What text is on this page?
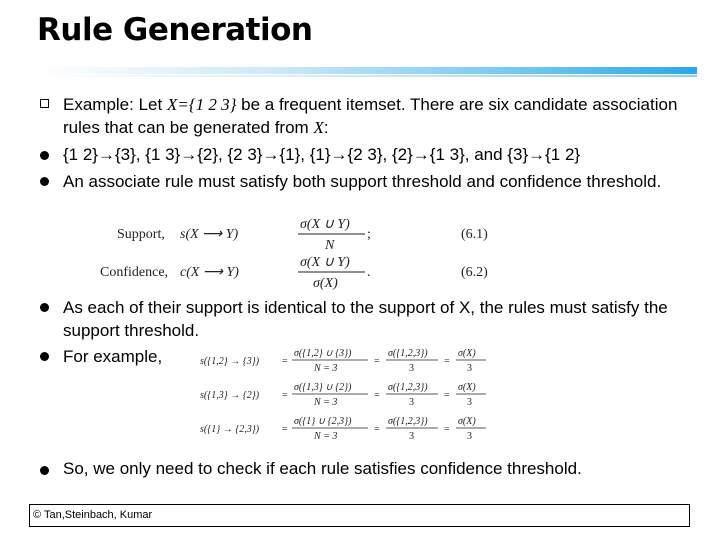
Rule Generation
Example: Let X={1 2 3} be a frequent itemset. There are six candidate association rules that can be generated from X:
{1 2}→{3}, {1 3}→{2}, {2 3}→{1}, {1}→{2 3}, {2}→{1 3}, and {3}→{1 2}
An associate rule must satisfy both support threshold and confidence threshold.
Support, s(X ⟶ Y)
σ(X ∪ Y)
N
;	(6.1)
Confidence, c(X ⟶ Y)
σ(X ∪ Y)
σ(X)
.	(6.2)
As each of their support is identical to the support of X, the rules must satisfy the support threshold.
For example,	s({1,2} → {3}) =
σ({1,2} ∪ {3})
N = 3
=
σ({1,2,3})
3
=
σ(X)
3
s({1,3} → {2}) =
σ({1,3} ∪ {2})
N = 3
=
σ({1,2,3})
3
=
σ(X)
3
s({1} → {2,3}) =
σ({1} ∪ {2,3})
N = 3
=
σ({1,2,3})
3
=
σ(X)
3
So, we only need to check if each rule satisfies confidence threshold.
© Tan,Steinbach, Kumar
